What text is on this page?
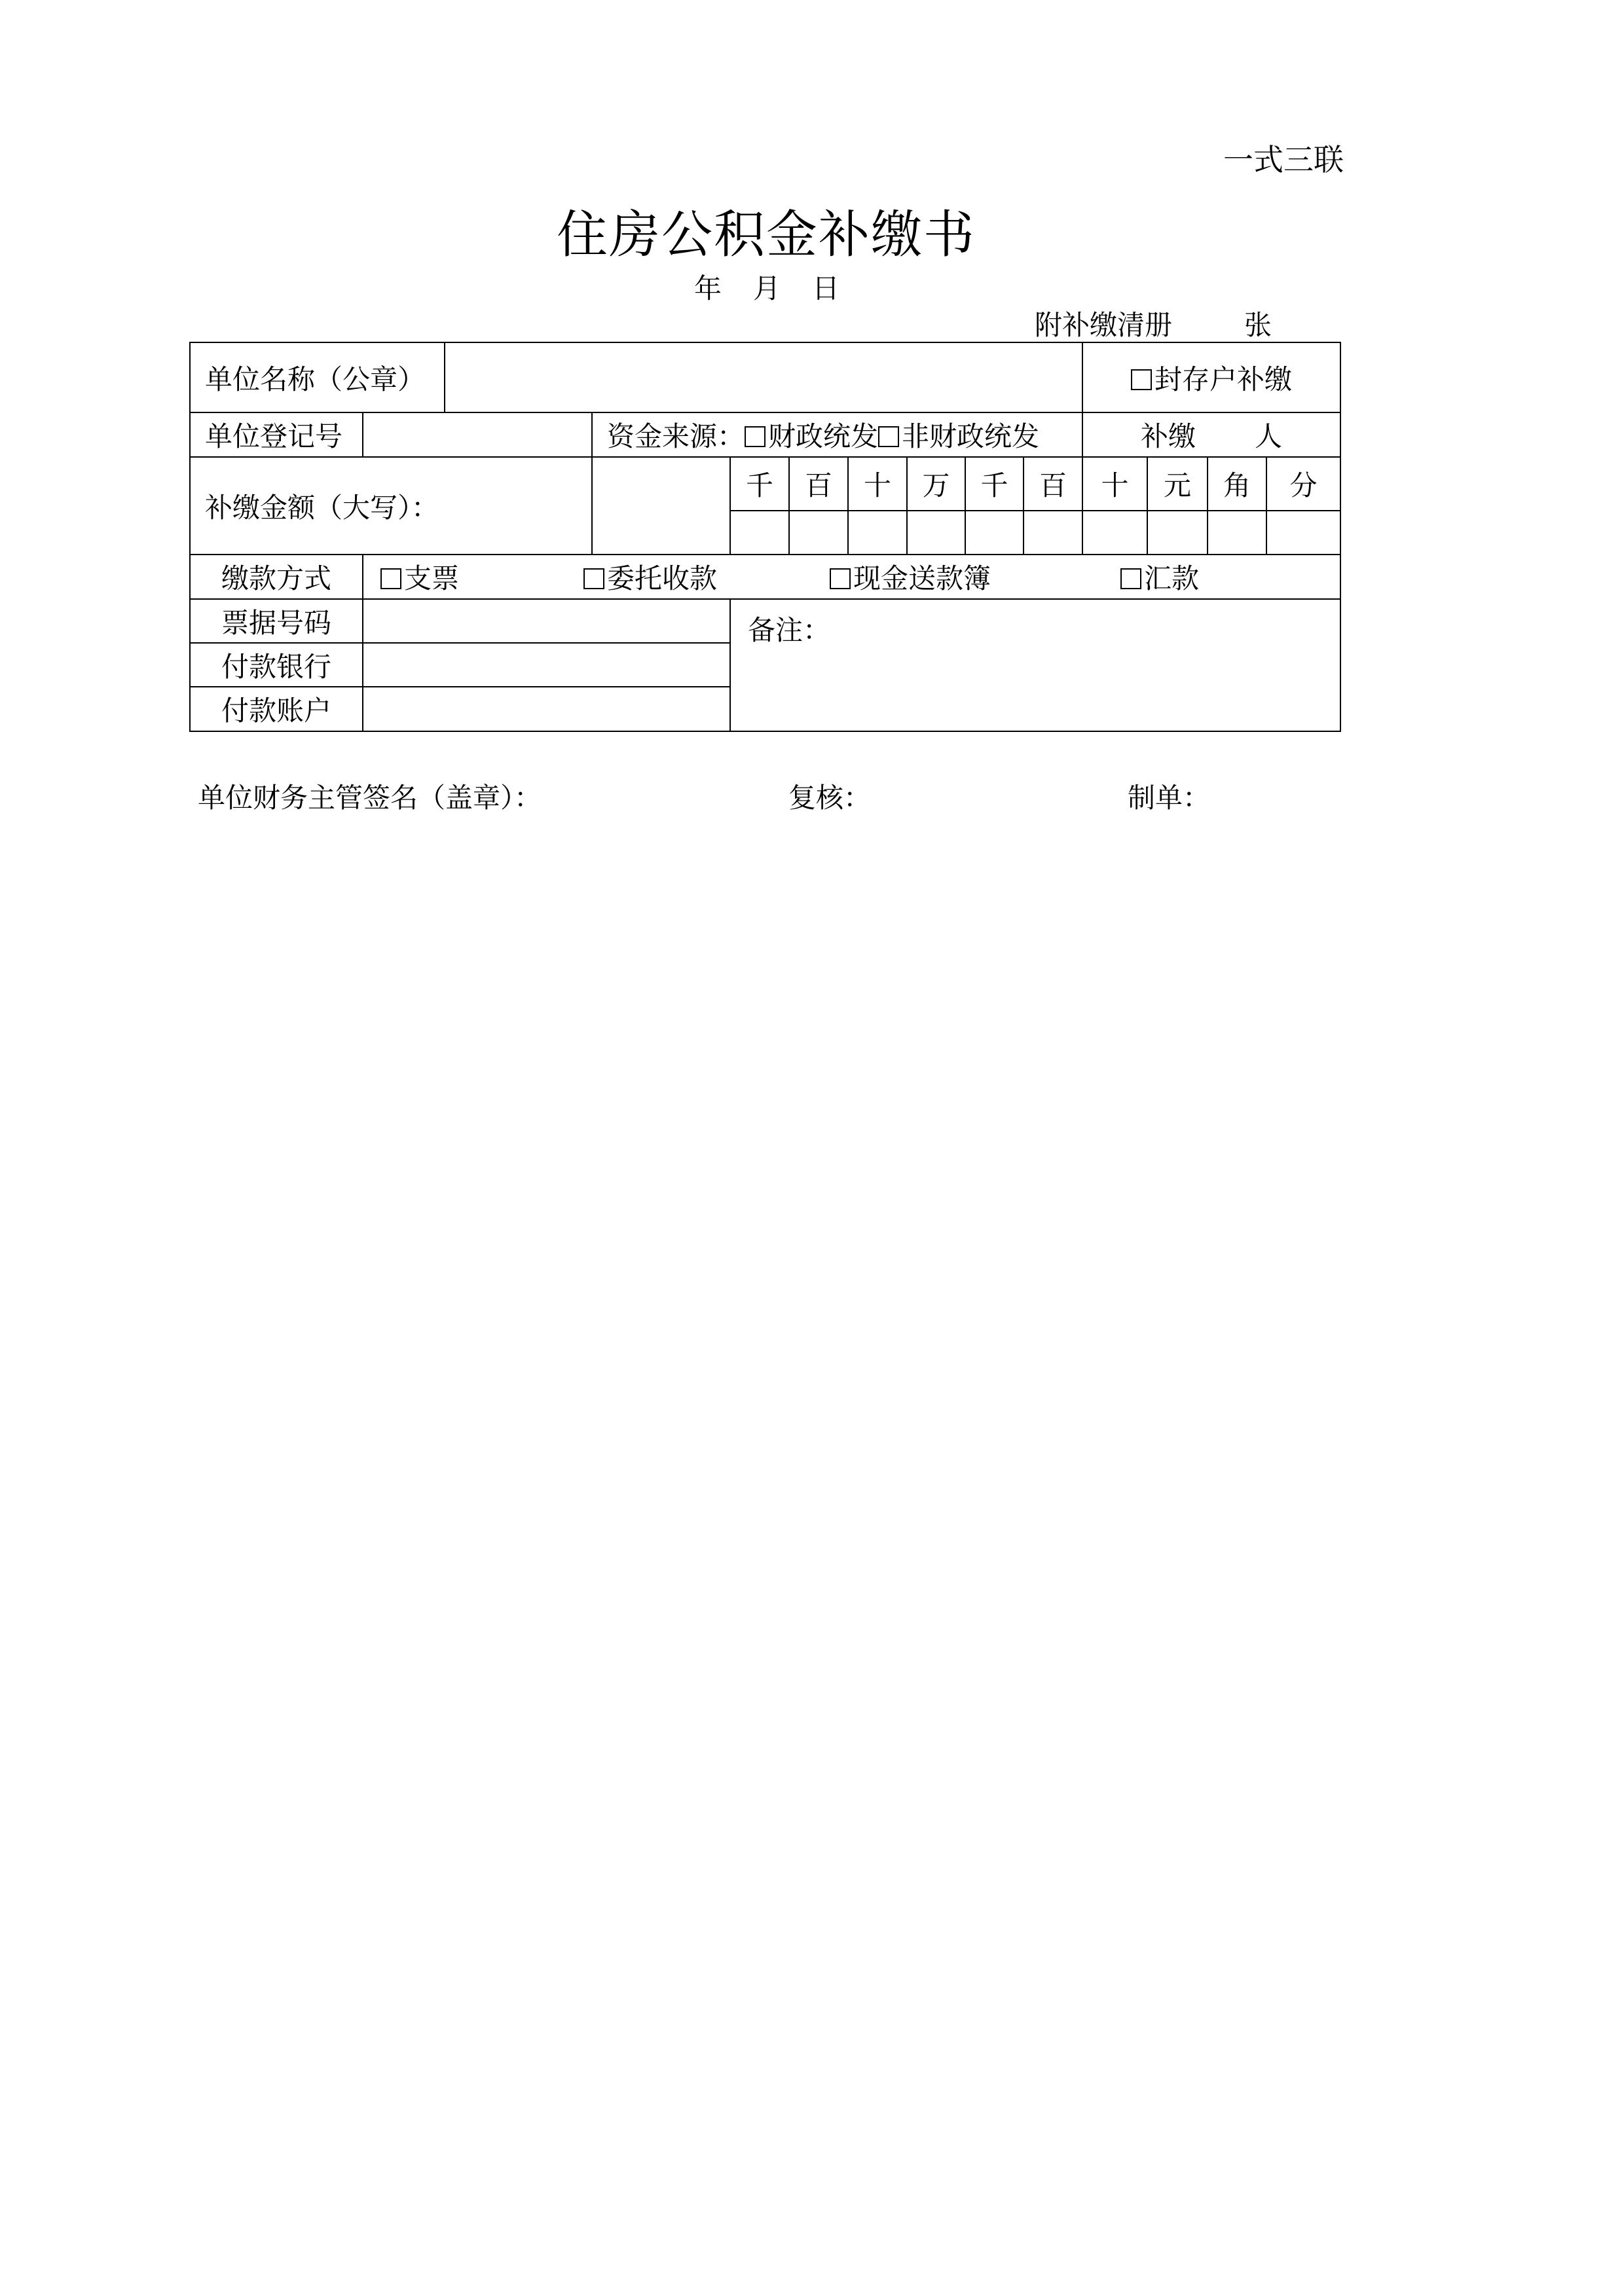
一式三联
住房公积金补缴书
年 月 日
附补缴清册	张
单位名称（公章）										封存户补缴			
单位登记号			资金来源： 财政统发 非财政统发							补缴 人			
补缴金额（大写）：				千	百	十	万	千	百	十	元	角	分

缴款方式	支票 委托收款 现金送款簿 汇款												
票据号码				备注：									
付款银行													
付款账户													
单位财务主管签名（盖章）：	复核：	制单：
